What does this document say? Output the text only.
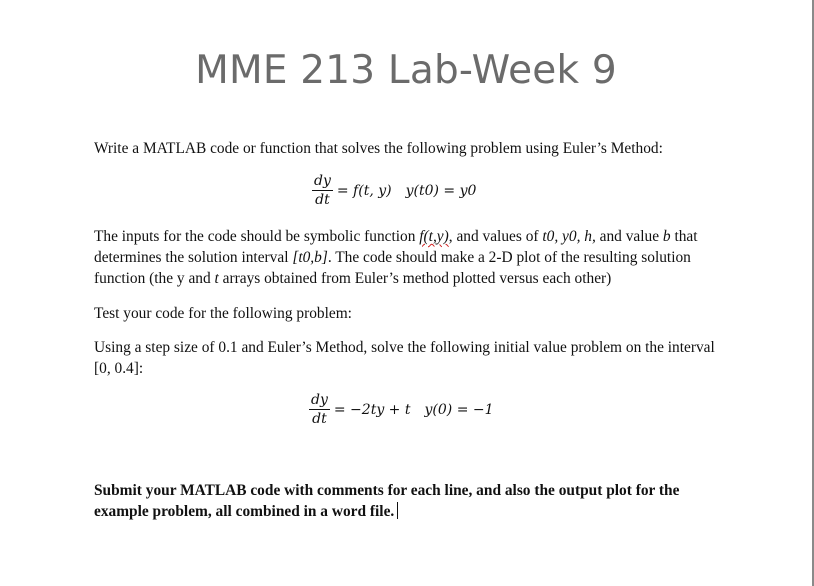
MME 213 Lab-Week 9
Write a MATLAB code or function that solves the following problem using Euler’s Method:
$\frac{dy}{dt} = f(t$, y) y(t0) = y0
The inputs for the code should be symbolic function f(t,y), and values of t0, y0, h, and value b that determines the solution interval [t0,b]. The code should make a 2-D plot of the resulting solution function (the y and t arrays obtained from Euler’s method plotted versus each other)
Test your code for the following problem:
Using a step size of 0.1 and Euler’s Method, solve the following initial value problem on the interval [0, 0.4]:
$\frac{dy}{dt} = -2ty + t$ y(0) = −1
Submit your MATLAB code with comments for each line, and also the output plot for the example problem, all combined in a word file.
